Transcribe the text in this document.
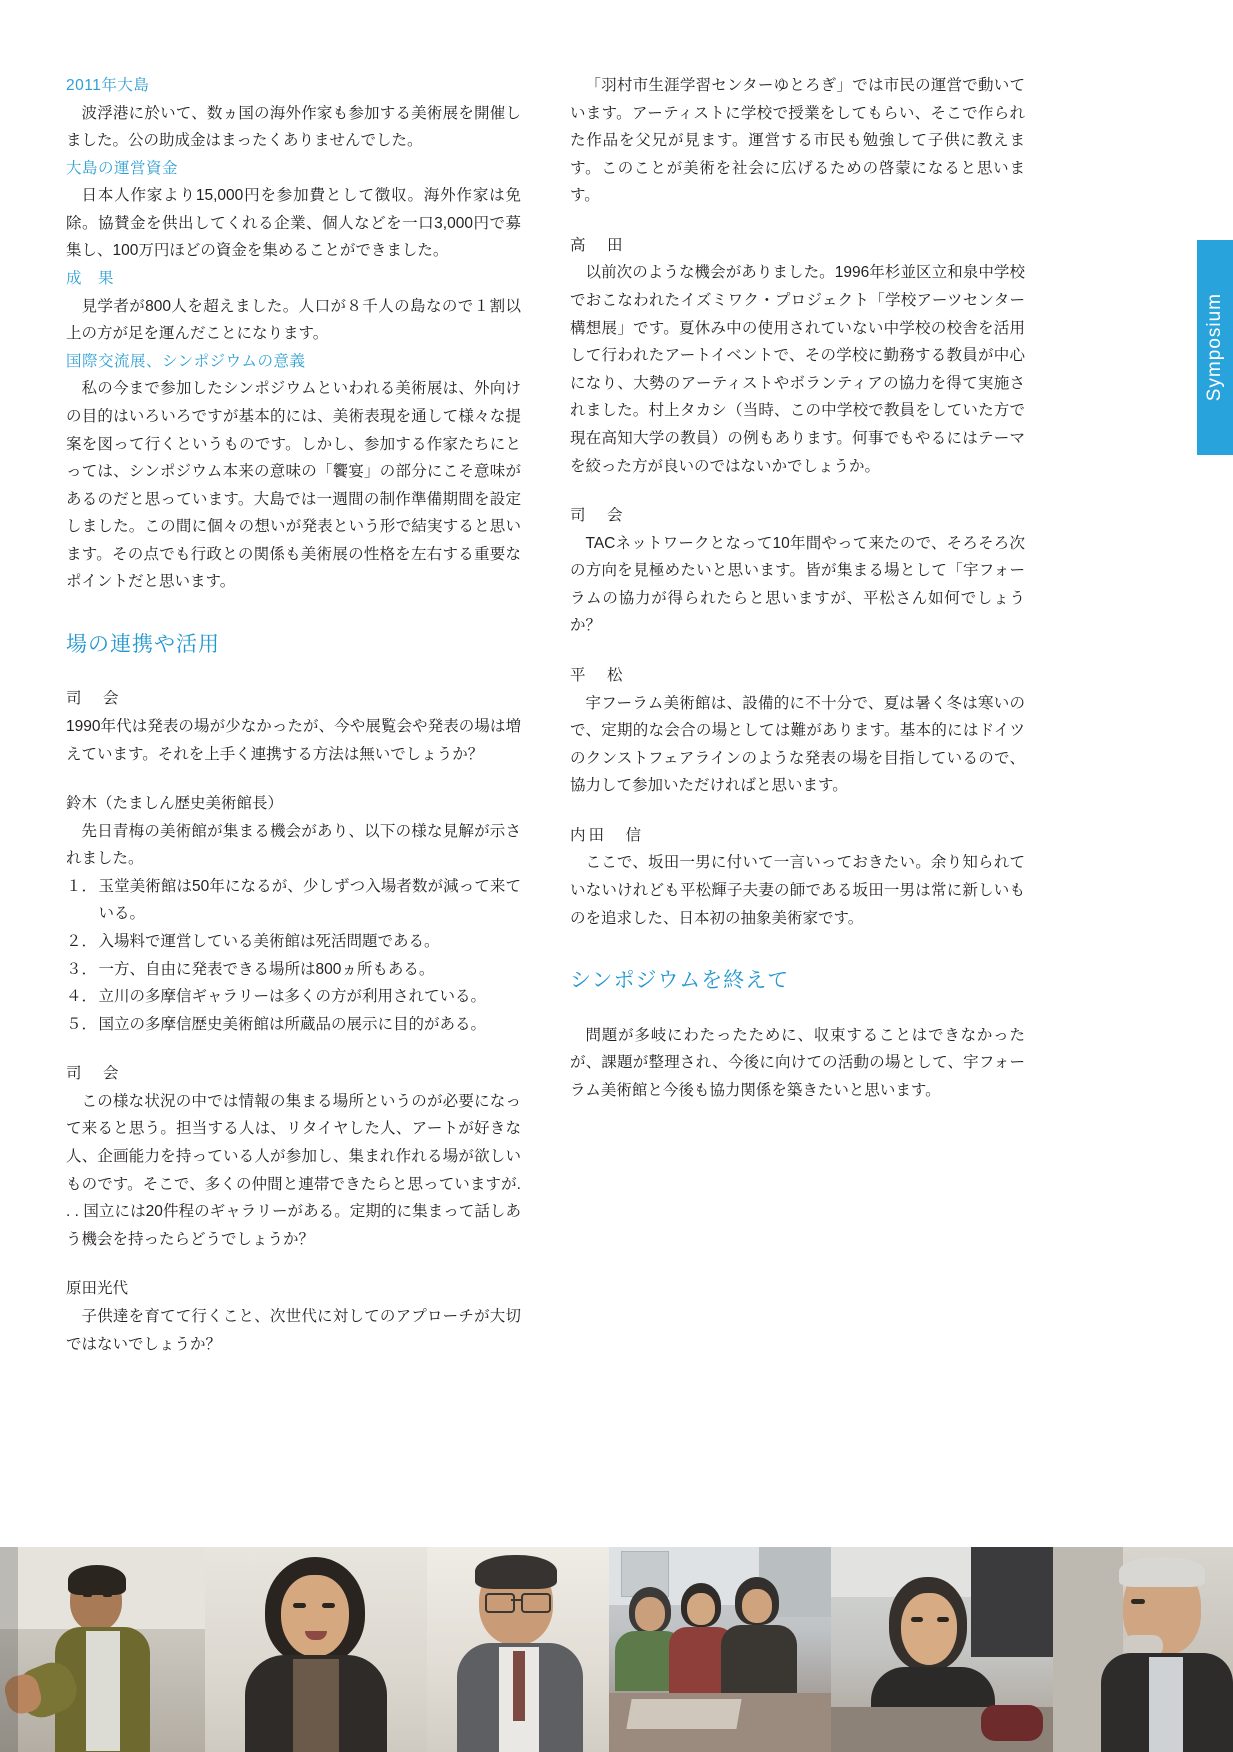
Symposium

2011年大島

波浮港に於いて、数ヵ国の海外作家も参加する美術展を開催しました。公の助成金はまったくありませんでした。

大島の運営資金

日本人作家より15,000円を参加費として徴収。海外作家は免除。協賛金を供出してくれる企業、個人などを一口3,000円で募集し、100万円ほどの資金を集めることができました。

成　果

見学者が800人を超えました。人口が８千人の島なので１割以上の方が足を運んだことになります。

国際交流展、シンポジウムの意義

私の今まで参加したシンポジウムといわれる美術展は、外向けの目的はいろいろですが基本的には、美術表現を通して様々な提案を図って行くというものです。しかし、参加する作家たちにとっては、シンポジウム本来の意味の「饗宴」の部分にこそ意味があるのだと思っています。大島では一週間の制作準備期間を設定しました。この間に個々の想いが発表という形で結実すると思います。その点でも行政との関係も美術展の性格を左右する重要なポイントだと思います。

場の連携や活用

司　会

1990年代は発表の場が少なかったが、今や展覧会や発表の場は増えています。それを上手く連携する方法は無いでしょうか？

鈴木（たましん歴史美術館長）

先日青梅の美術館が集まる機会があり、以下の様な見解が示されました。

１． 玉堂美術館は50年になるが、少しずつ入場者数が減って来ている。
２． 入場料で運営している美術館は死活問題である。
３． 一方、自由に発表できる場所は800ヵ所もある。
４． 立川の多摩信ギャラリーは多くの方が利用されている。
５． 国立の多摩信歴史美術館は所蔵品の展示に目的がある。

司　会

この様な状況の中では情報の集まる場所というのが必要になって来ると思う。担当する人は、リタイヤした人、アートが好きな人、企画能力を持っている人が参加し、集まれ作れる場が欲しいものです。そこで、多くの仲間と連帯できたらと思っていますが. . . 国立には20件程のギャラリーがある。定期的に集まって話しあう機会を持ったらどうでしょうか？

原田光代

子供達を育てて行くこと、次世代に対してのアプローチが大切ではないでしょうか？

「羽村市生涯学習センターゆとろぎ」では市民の運営で動いています。アーティストに学校で授業をしてもらい、そこで作られた作品を父兄が見ます。運営する市民も勉強して子供に教えます。このことが美術を社会に広げるための啓蒙になると思います。

高　田

以前次のような機会がありました。1996年杉並区立和泉中学校でおこなわれたイズミワク・プロジェクト「学校アーツセンター構想展」です。夏休み中の使用されていない中学校の校舎を活用して行われたアートイベントで、その学校に勤務する教員が中心になり、大勢のアーティストやボランティアの協力を得て実施されました。村上タカシ（当時、この中学校で教員をしていた方で現在高知大学の教員）の例もあります。何事でもやるにはテーマを絞った方が良いのではないかでしょうか。

司　会

TACネットワークとなって10年間やって来たので、そろそろ次の方向を見極めたいと思います。皆が集まる場として「宇フォーラムの協力が得られたらと思いますが、平松さん如何でしょうか？

平　松

宇フーラム美術館は、設備的に不十分で、夏は暑く冬は寒いので、定期的な会合の場としては難があります。基本的にはドイツのクンストフェアラインのような発表の場を目指しているので、協力して参加いただければと思います。

内田　信

ここで、坂田一男に付いて一言いっておきたい。余り知られていないけれども平松輝子夫妻の師である坂田一男は常に新しいものを追求した、日本初の抽象美術家です。

シンポジウムを終えて

問題が多岐にわたったために、収束することはできなかったが、課題が整理され、今後に向けての活動の場として、宇フォーラム美術館と今後も協力関係を築きたいと思います。
